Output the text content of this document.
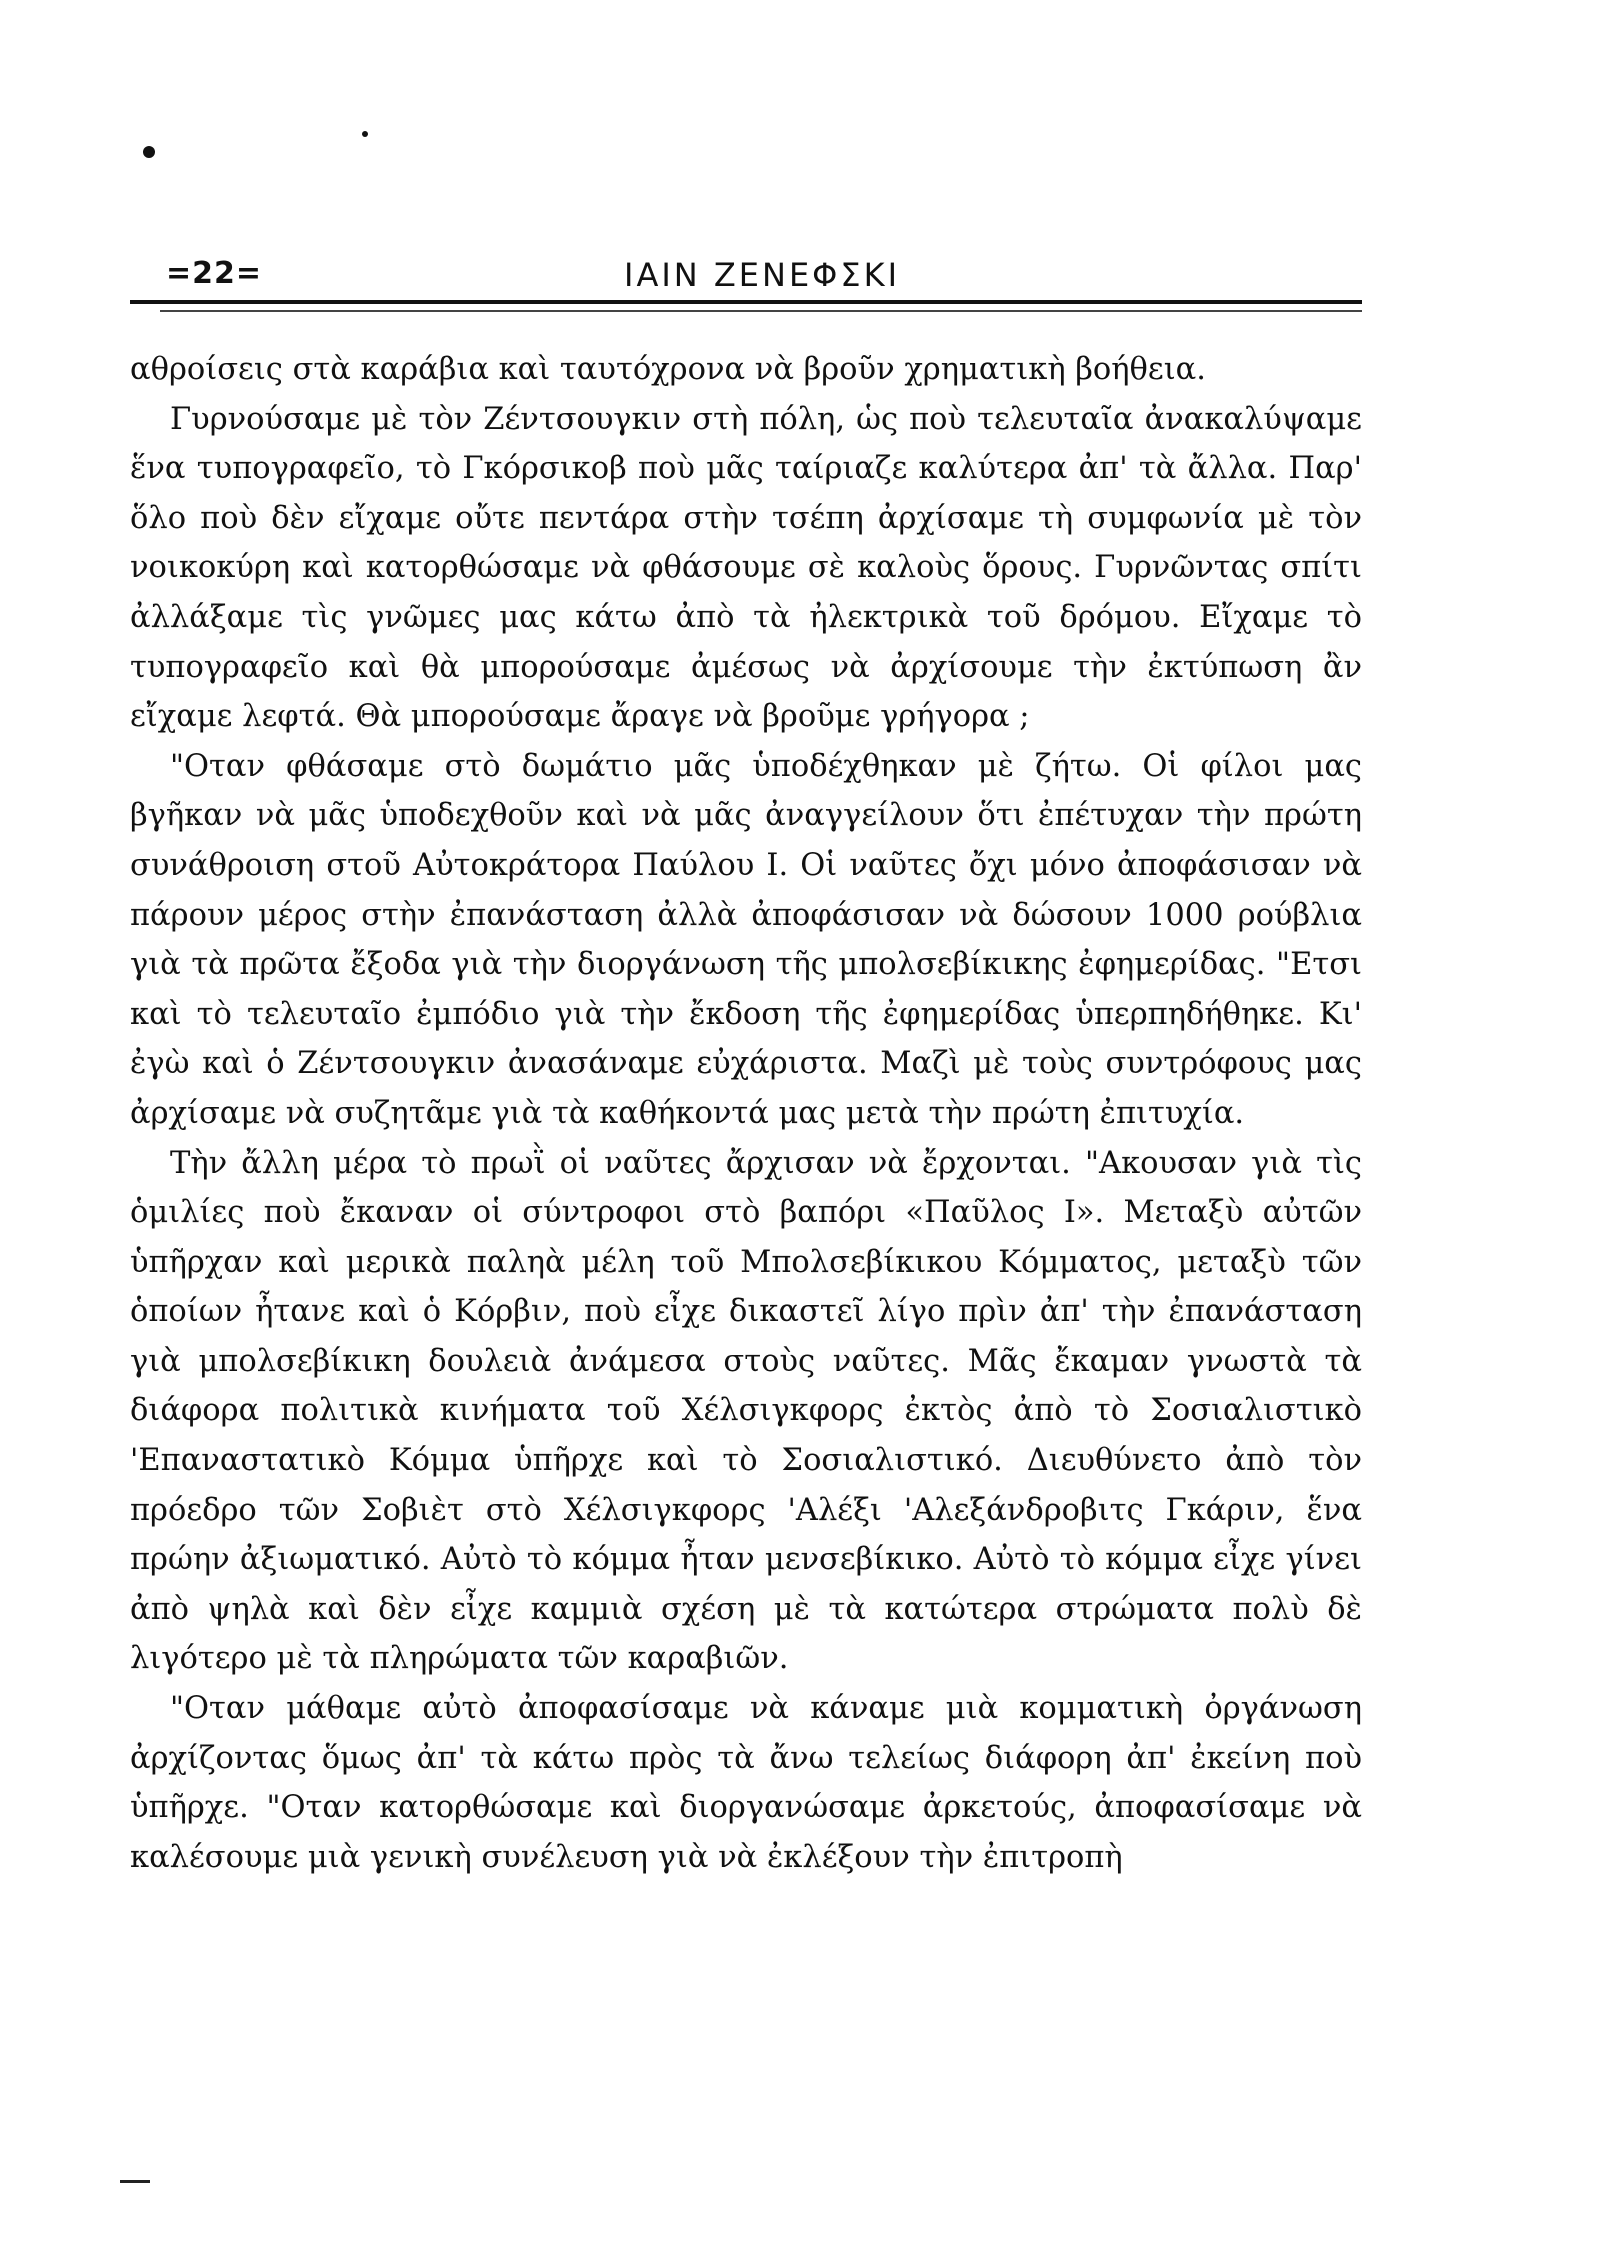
=22=	ΙΑΙΝ ΖΕΝΕΦΣΚΙ

αθροίσεις στὰ καράβια καὶ ταυτόχρονα νὰ βροῦν χρηματικὴ βοήθεια.

Γυρνούσαμε μὲ τὸν Ζέντσουγκιν στὴ πόλη, ὡς ποὺ τελευταῖα ἀνακαλύψαμε ἕνα τυπογραφεῖο, τὸ Γκόρσικοβ ποὺ μᾶς ταίριαζε καλύτερα ἀπ' τὰ ἄλλα. Παρ' ὅλο ποὺ δὲν εἴχαμε οὔτε πεντάρα στὴν τσέπη ἀρχίσαμε τὴ συμφωνία μὲ τὸν νοικοκύρη καὶ κατορθώσαμε νὰ φθάσουμε σὲ καλοὺς ὅρους. Γυρνῶντας σπίτι ἀλλάξαμε τὶς γνῶμες μας κάτω ἀπὸ τὰ ἠλεκτρικὰ τοῦ δρόμου. Εἴχαμε τὸ τυπογραφεῖο καὶ θὰ μπορούσαμε ἀμέσως νὰ ἀρχίσουμε τὴν ἐκτύπωση ἂν εἴχαμε λεφτά. Θὰ μπορούσαμε ἄραγε νὰ βροῦμε γρήγορα ;

"Οταν φθάσαμε στὸ δωμάτιο μᾶς ὑποδέχθηκαν μὲ ζήτω. Οἱ φίλοι μας βγῆκαν νὰ μᾶς ὑποδεχθοῦν καὶ νὰ μᾶς ἀναγγείλουν ὅτι ἐπέτυχαν τὴν πρώτη συνάθροιση στοῦ Αὐτοκράτορα Παύλου Ι. Οἱ ναῦτες ὄχι μόνο ἀποφάσισαν νὰ πάρουν μέρος στὴν ἐπανάσταση ἀλλὰ ἀποφάσισαν νὰ δώσουν 1000 ρούβλια γιὰ τὰ πρῶτα ἔξοδα γιὰ τὴν διοργάνωση τῆς μπολσεβίκικης ἐφημερίδας. "Ετσι καὶ τὸ τελευταῖο ἐμπόδιο γιὰ τὴν ἔκδοση τῆς ἐφημερίδας ὑπερπηδήθηκε. Κι' ἐγὼ καὶ ὁ Ζέντσουγκιν ἀνασάναμε εὐχάριστα. Μαζὶ μὲ τοὺς συντρόφους μας ἀρχίσαμε νὰ συζητᾶμε γιὰ τὰ καθήκοντά μας μετὰ τὴν πρώτη ἐπιτυχία.

Τὴν ἄλλη μέρα τὸ πρωῒ οἱ ναῦτες ἄρχισαν νὰ ἔρχονται. "Ακουσαν γιὰ τὶς ὁμιλίες ποὺ ἔκαναν οἱ σύντροφοι στὸ βαπόρι «Παῦλος Ι». Μεταξὺ αὐτῶν ὑπῆρχαν καὶ μερικὰ παληὰ μέλη τοῦ Μπολσεβίκικου Κόμματος, μεταξὺ τῶν ὁποίων ἦτανε καὶ ὁ Κόρβιν, ποὺ εἶχε δικαστεῖ λίγο πρὶν ἀπ' τὴν ἐπανάσταση γιὰ μπολσεβίκικη δουλειὰ ἀνάμεσα στοὺς ναῦτες. Μᾶς ἔκαμαν γνωστὰ τὰ διάφορα πολιτικὰ κινήματα τοῦ Χέλσιγκφορς ἐκτὸς ἀπὸ τὸ Σοσιαλιστικὸ 'Επαναστατικὸ Κόμμα ὑπῆρχε καὶ τὸ Σοσιαλιστικό. Διευθύνετο ἀπὸ τὸν πρόεδρο τῶν Σοβιὲτ στὸ Χέλσιγκφορς 'Αλέξι 'Αλεξάνδροβιτς Γκάριν, ἕνα πρώην ἀξιωματικό. Αὐτὸ τὸ κόμμα ἦταν μενσεβίκικο. Αὐτὸ τὸ κόμμα εἶχε γίνει ἀπὸ ψηλὰ καὶ δὲν εἶχε καμμιὰ σχέση μὲ τὰ κατώτερα στρώματα πολὺ δὲ λιγότερο μὲ τὰ πληρώματα τῶν καραβιῶν.

"Οταν μάθαμε αὐτὸ ἀποφασίσαμε νὰ κάναμε μιὰ κομματικὴ ὀργάνωση ἀρχίζοντας ὅμως ἀπ' τὰ κάτω πρὸς τὰ ἄνω τελείως διάφορη ἀπ' ἐκείνη ποὺ ὑπῆρχε. "Οταν κατορθώσαμε καὶ διοργανώσαμε ἀρκετούς, ἀποφασίσαμε νὰ καλέσουμε μιὰ γενικὴ συνέλευση γιὰ νὰ ἐκλέξουν τὴν ἐπιτροπὴ
